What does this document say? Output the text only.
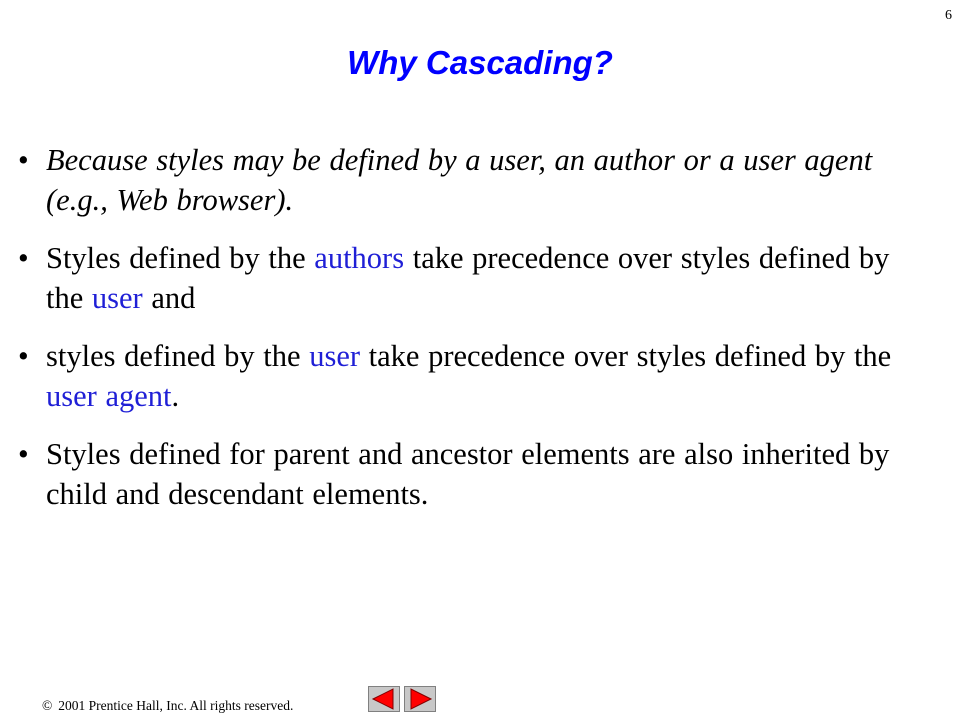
6
Why Cascading?
• Because styles may be defined by a user, an author or a user agent (e.g., Web browser).
• Styles defined by the authors take precedence over styles defined by the user and
• styles defined by the user take precedence over styles defined by the user agent.
• Styles defined for parent and ancestor elements are also inherited by child and descendant elements.
© 2001 Prentice Hall, Inc. All rights reserved.
